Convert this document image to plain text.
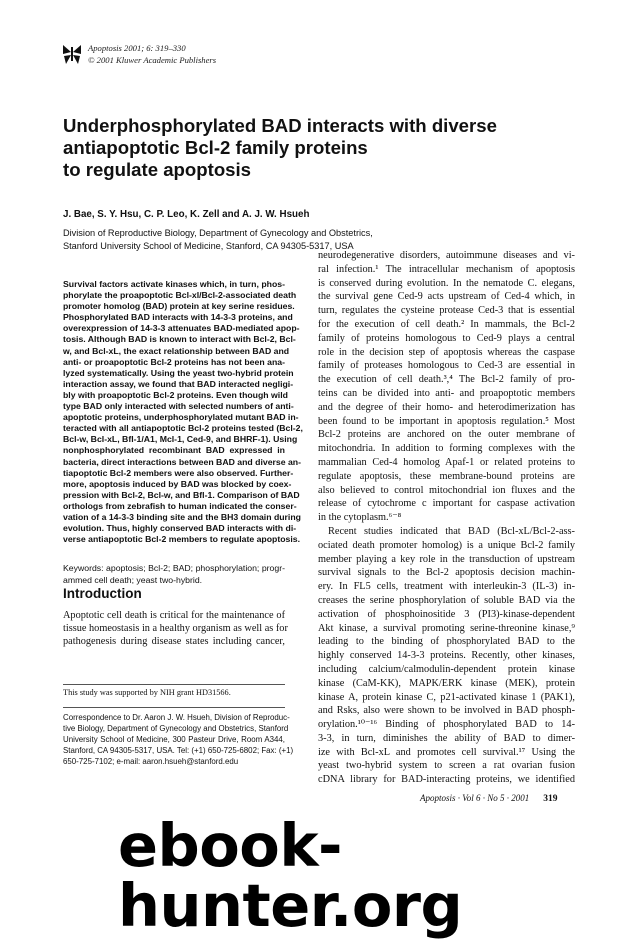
Apoptosis 2001; 6: 319–330
© 2001 Kluwer Academic Publishers
Underphosphorylated BAD interacts with diverse
antiapoptotic Bcl-2 family proteins
to regulate apoptosis
J. Bae, S. Y. Hsu, C. P. Leo, K. Zell and A. J. W. Hsueh
Division of Reproductive Biology, Department of Gynecology and Obstetrics,
Stanford University School of Medicine, Stanford, CA 94305-5317, USA
Survival factors activate kinases which, in turn, phos-
phorylate the proapoptotic Bcl-xl/Bcl-2-associated death
promoter homolog (BAD) protein at key serine residues.
Phosphorylated BAD interacts with 14-3-3 proteins, and
overexpression of 14-3-3 attenuates BAD-mediated apop-
tosis. Although BAD is known to interact with Bcl-2, Bcl-
w, and Bcl-xL, the exact relationship between BAD and
anti- or proapoptotic Bcl-2 proteins has not been ana-
lyzed systematically. Using the yeast two-hybrid protein
interaction assay, we found that BAD interacted negligi-
bly with proapoptotic Bcl-2 proteins. Even though wild
type BAD only interacted with selected numbers of anti-
apoptotic proteins, underphosphorylated mutant BAD in-
teracted with all antiapoptotic Bcl-2 proteins tested (Bcl-2,
Bcl-w, Bcl-xL, Bfl-1/A1, Mcl-1, Ced-9, and BHRF-1). Using
nonphosphorylated recombinant BAD expressed in
bacteria, direct interactions between BAD and diverse an-
tiapoptotic Bcl-2 members were also observed. Further-
more, apoptosis induced by BAD was blocked by coex-
pression with Bcl-2, Bcl-w, and Bfl-1. Comparison of BAD
orthologs from zebrafish to human indicated the conser-
vation of a 14-3-3 binding site and the BH3 domain during
evolution. Thus, highly conserved BAD interacts with di-
verse antiapoptotic Bcl-2 members to regulate apoptosis.
Keywords: apoptosis; Bcl-2; BAD; phosphorylation; progr-
ammed cell death; yeast two-hybrid.
Introduction
Apoptotic cell death is critical for the maintenance of
tissue homeostasis in a healthy organism as well as for
pathogenesis during disease states including cancer,
This study was supported by NIH grant HD31566.
Correspondence to Dr. Aaron J. W. Hsueh, Division of Reproduc-
tive Biology, Department of Gynecology and Obstetrics, Stanford
University School of Medicine, 300 Pasteur Drive, Room A344,
Stanford, CA 94305-5317, USA. Tel: (+1) 650-725-6802; Fax: (+1)
650-725-7102; e-mail: aaron.hsueh@stanford.edu
neurodegenerative disorders, autoimmune diseases and vi-
ral infection.¹ The intracellular mechanism of apoptosis
is conserved during evolution. In the nematode C. elegans,
the survival gene Ced-9 acts upstream of Ced-4 which, in
turn, regulates the cysteine protease Ced-3 that is essential
for the execution of cell death.² In mammals, the Bcl-2
family of proteins homologous to Ced-9 plays a central
role in the decision step of apoptosis whereas the caspase
family of proteases homologous to Ced-3 are essential in
the execution of cell death.³,⁴ The Bcl-2 family of pro-
teins can be divided into anti- and proapoptotic members
and the degree of their homo- and heterodimerization has
been found to be important in apoptosis regulation.⁵ Most
Bcl-2 proteins are anchored on the outer membrane of
mitochondria. In addition to forming complexes with the
mammalian Ced-4 homolog Apaf-1 or related proteins to
regulate apoptosis, these membrane-bound proteins are
also believed to control mitochondrial ion fluxes and the
release of cytochrome c important for caspase activation
in the cytoplasm.⁶⁻⁸
Recent studies indicated that BAD (Bcl-xL/Bcl-2-ass-
ociated death promoter homolog) is a unique Bcl-2 family
member playing a key role in the transduction of upstream
survival signals to the Bcl-2 apoptosis decision machin-
ery. In FL5 cells, treatment with interleukin-3 (IL-3) in-
creases the serine phosphorylation of soluble BAD via the
activation of phosphoinositide 3 (PI3)-kinase-dependent
Akt kinase, a survival promoting serine-threonine kinase,⁹
leading to the binding of phosphorylated BAD to the
highly conserved 14-3-3 proteins. Recently, other kinases,
including calcium/calmodulin-dependent protein kinase
kinase (CaM-KK), MAPK/ERK kinase (MEK), protein
kinase A, protein kinase C, p21-activated kinase 1 (PAK1),
and Rsks, also were shown to be involved in BAD phosph-
orylation.¹⁰⁻¹⁶ Binding of phosphorylated BAD to 14-
3-3, in turn, diminishes the ability of BAD to dimer-
ize with Bcl-xL and promotes cell survival.¹⁷ Using the
yeast two-hybrid system to screen a rat ovarian fusion
cDNA library for BAD-interacting proteins, we identified
Apoptosis · Vol 6 · No 5 · 2001 319
ebook-hunter.org
